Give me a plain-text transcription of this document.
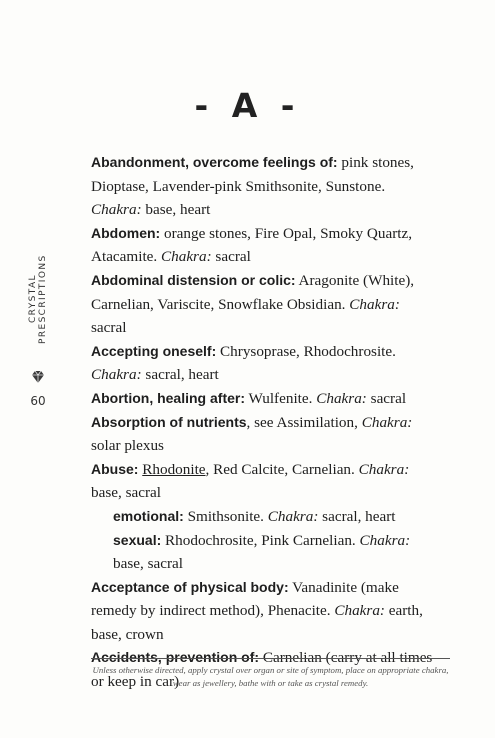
- A -
CRYSTAL PRESCRIPTIONS
60

Abandonment, overcome feelings of: pink stones, Dioptase, Lavender-pink Smithsonite, Sunstone. Chakra: base, heart

Abdomen: orange stones, Fire Opal, Smoky Quartz, Atacamite. Chakra: sacral

Abdominal distension or colic: Aragonite (White), Carnelian, Variscite, Snowflake Obsidian. Chakra: sacral

Accepting oneself: Chrysoprase, Rhodochrosite. Chakra: sacral, heart

Abortion, healing after: Wulfenite. Chakra: sacral

Absorption of nutrients, see Assimilation, Chakra: solar plexus

Abuse: Rhodonite, Red Calcite, Carnelian. Chakra: base, sacral

emotional: Smithsonite. Chakra: sacral, heart

sexual: Rhodochrosite, Pink Carnelian. Chakra: base, sacral

Acceptance of physical body: Vanadinite (make remedy by indirect method), Phenacite. Chakra: earth, base, crown

Accidents, prevention of: Carnelian (carry at all times or keep in car)

Unless otherwise directed, apply crystal over organ or site of symptom, place on appropriate chakra, wear as jewellery, bathe with or take as crystal remedy.
